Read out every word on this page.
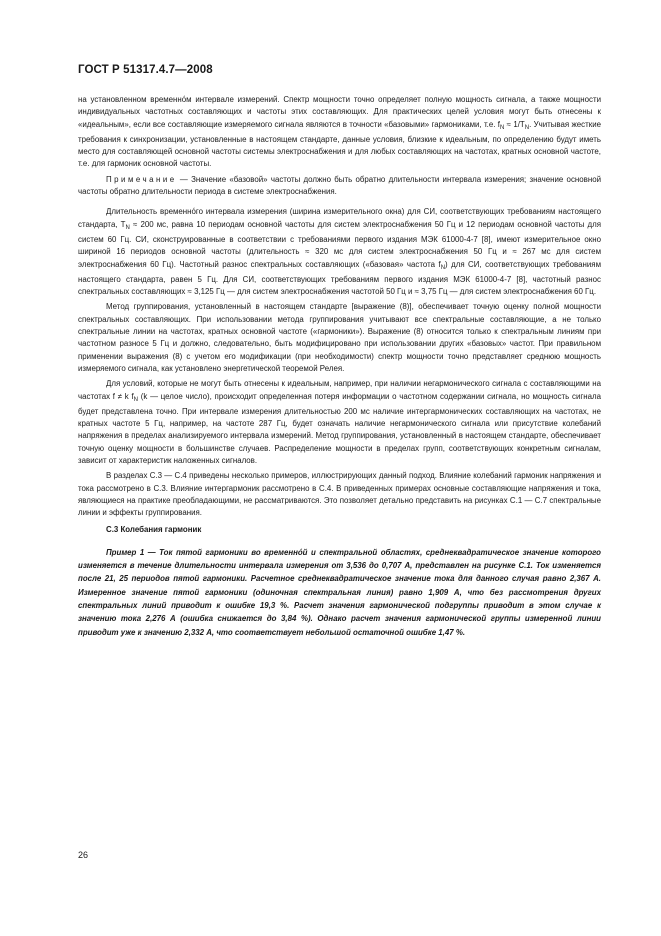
ГОСТ Р 51317.4.7—2008

на установленном временно́м интервале измерений. Спектр мощности точно определяет полную мощность сигнала, а также мощности индивидуальных частотных составляющих и частоты этих составляющих. Для практических целей условия могут быть отнесены к «идеальным», если все составляющие измеряемого сигнала являются в точности «базовыми» гармониками, т.е. $f_N \approx 1/T_N$. Учитывая жесткие требования к синхронизации, установленные в настоящем стандарте, данные условия, близкие к идеальным, по определению будут иметь место для составляющей основной частоты системы электроснабжения и для любых составляющих на частотах, кратных основной частоте, т.е. для гармоник основной частоты.

Примечание — Значение «базовой» частоты должно быть обратно длительности интервала измерения; значение основной частоты обратно длительности периода в системе электроснабжения.

Длительность временно́го интервала измерения (ширина измерительного окна) для СИ, соответствующих требованиям настоящего стандарта, $T_N \approx 200$ мс, равна 10 периодам основной частоты для систем электроснабжения 50 Гц и 12 периодам основной частоты для систем 60 Гц. СИ, сконструированные в соответствии с требованиями первого издания МЭК 61000-4-7 [8], имеют измерительное окно шириной 16 периодов основной частоты (длительность ≈ 320 мс для систем электроснабжения 50 Гц и ≈ 267 мс для систем электроснабжения 60 Гц). Частотный разнос спектральных составляющих («базовая» частота $f_N$) для СИ, соответствующих требованиям настоящего стандарта, равен 5 Гц. Для СИ, соответствующих требованиям первого издания МЭК 61000-4-7 [8], частотный разнос спектральных составляющих ≈ 3,125 Гц — для систем электроснабжения частотой 50 Гц и ≈ 3,75 Гц — для систем электроснабжения 60 Гц.

Метод группирования, установленный в настоящем стандарте [выражение (8)], обеспечивает точную оценку полной мощности спектральных составляющих. При использовании метода группирования учитывают все спектральные составляющие, а не только спектральные линии на частотах, кратных основной частоте («гармоники»). Выражение (8) относится только к спектральным линиям при частотном разносе 5 Гц и должно, следовательно, быть модифицировано при использовании других «базовых» частот. При правильном применении выражения (8) с учетом его модификации (при необходимости) спектр мощности точно представляет среднюю мощность измеряемого сигнала, как установлено энергетической теоремой Релея.

Для условий, которые не могут быть отнесены к идеальным, например, при наличии негармонического сигнала с составляющими на частотах f ≠ k $f_N$ (k — целое число), происходит определенная потеря информации о частотном содержании сигнала, но мощность сигнала будет представлена точно. При интервале измерения длительностью 200 мс наличие интергармонических составляющих на частотах, не кратных частоте 5 Гц, например, на частоте 287 Гц, будет означать наличие негармонического сигнала или присутствие колебаний напряжения в пределах анализируемого интервала измерений. Метод группирования, установленный в настоящем стандарте, обеспечивает точную оценку мощности в большинстве случаев. Распределение мощности в пределах групп, соответствующих конкретным сигналам, зависит от характеристик наложенных сигналов.

В разделах С.3 — С.4 приведены несколько примеров, иллюстрирующих данный подход. Влияние колебаний гармоник напряжения и тока рассмотрено в С.3. Влияние интергармоник рассмотрено в С.4. В приведенных примерах основные составляющие напряжения и тока, являющиеся на практике преобладающими, не рассматриваются. Это позволяет детально представить на рисунках С.1 — С.7 спектральные линии и эффекты группирования.

С.3 Колебания гармоник

Пример 1 — Ток пятой гармоники во временно́й и спектральной областях, среднеквадратическое значение которого изменяется в течение длительности интервала измерения от 3,536 до 0,707 А, представлен на рисунке С.1. Ток изменяется после 21, 25 периодов пятой гармоники. Расчетное среднеквадратическое значение тока для данного случая равно 2,367 А. Измеренное значение пятой гармоники (одиночная спектральная линия) равно 1,909 А, что без рассмотрения других спектральных линий приводит к ошибке 19,3 %. Расчет значения гармонической подгруппы приводит в этом случае к значению тока 2,276 А (ошибка снижается до 3,84 %). Однако расчет значения гармонической группы измеренной линии приводит уже к значению 2,332 А, что соответствует небольшой остаточной ошибке 1,47 %.

26
